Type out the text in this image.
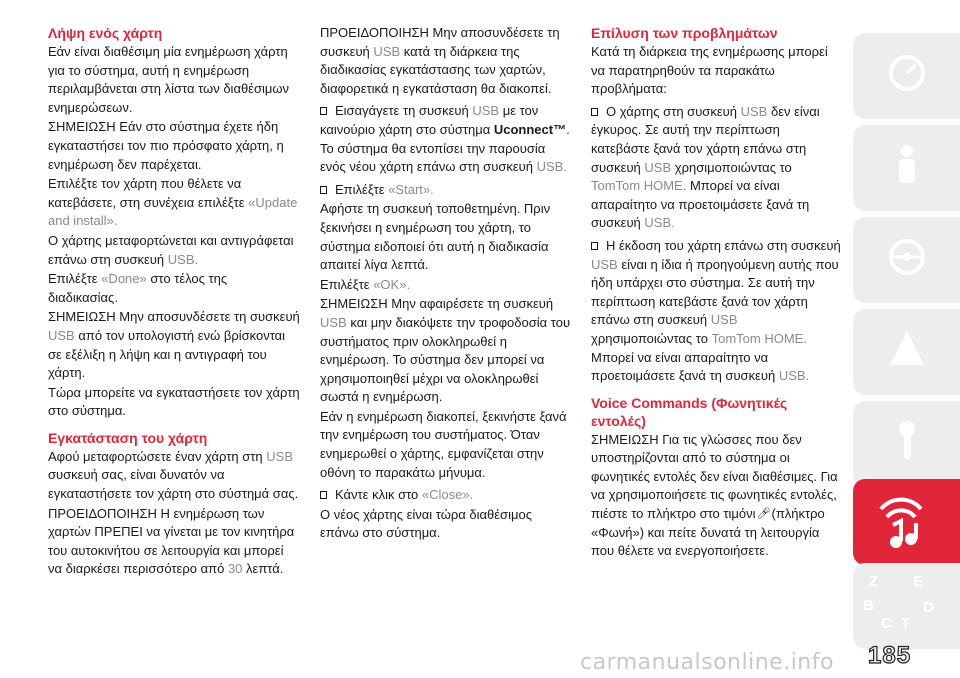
Λήψη ενός χάρτη

Εάν είναι διαθέσιμη μία ενημέρωση χάρτη για το σύστημα, αυτή η ενημέρωση περιλαμβάνεται στη λίστα των διαθέσιμων ενημερώσεων.

ΣΗΜΕΙΩΣΗ Εάν στο σύστημα έχετε ήδη εγκαταστήσει τον πιο πρόσφατο χάρτη, η ενημέρωση δεν παρέχεται.

Επιλέξτε τον χάρτη που θέλετε να κατεβάσετε, στη συνέχεια επιλέξτε «Update and install».

Ο χάρτης μεταφορτώνεται και αντιγράφεται επάνω στη συσκευή USB.

Επιλέξτε «Done» στο τέλος της διαδικασίας.

ΣΗΜΕΙΩΣΗ Μην αποσυνδέσετε τη συσκευή USB από τον υπολογιστή ενώ βρίσκονται σε εξέλιξη η λήψη και η αντιγραφή του χάρτη.

Τώρα μπορείτε να εγκαταστήσετε τον χάρτη στο σύστημα.

Εγκατάσταση του χάρτη

Αφού μεταφορτώσετε έναν χάρτη στη USB συσκευή σας, είναι δυνατόν να εγκαταστήσετε τον χάρτη στο σύστημά σας.

ΠΡΟΕΙΔΟΠΟΙΗΣΗ Η ενημέρωση των χαρτών ΠΡΕΠΕΙ να γίνεται με τον κινητήρα του αυτοκινήτου σε λειτουργία και μπορεί να διαρκέσει περισσότερο από 30 λεπτά.

ΠΡΟΕΙΔΟΠΟΙΗΣΗ Μην αποσυνδέσετε τη συσκευή USB κατά τη διάρκεια της διαδικασίας εγκατάστασης των χαρτών, διαφορετικά η εγκατάσταση θα διακοπεί.

Εισαγάγετε τη συσκευή USB με τον καινούριο χάρτη στο σύστημα Uconnect™. Το σύστημα θα εντοπίσει την παρουσία ενός νέου χάρτη επάνω στη συσκευή USB.

Επιλέξτε «Start».

Αφήστε τη συσκευή τοποθετημένη. Πριν ξεκινήσει η ενημέρωση του χάρτη, το σύστημα ειδοποιεί ότι αυτή η διαδικασία απαιτεί λίγα λεπτά.

Επιλέξτε «OK».

ΣΗΜΕΙΩΣΗ Μην αφαιρέσετε τη συσκευή USB και μην διακόψετε την τροφοδοσία του συστήματος πριν ολοκληρωθεί η ενημέρωση. Το σύστημα δεν μπορεί να χρησιμοποιηθεί μέχρι να ολοκληρωθεί σωστά η ενημέρωση.

Εάν η ενημέρωση διακοπεί, ξεκινήστε ξανά την ενημέρωση του συστήματος. Όταν ενημερωθεί ο χάρτης, εμφανίζεται στην οθόνη το παρακάτω μήνυμα.

Κάντε κλικ στο «Close».

Ο νέος χάρτης είναι τώρα διαθέσιμος επάνω στο σύστημα.

Επίλυση των προβλημάτων

Κατά τη διάρκεια της ενημέρωσης μπορεί να παρατηρηθούν τα παρακάτω προβλήματα:

Ο χάρτης στη συσκευή USB δεν είναι έγκυρος. Σε αυτή την περίπτωση κατεβάστε ξανά τον χάρτη επάνω στη συσκευή USB χρησιμοποιώντας το TomTom HOME. Μπορεί να είναι απαραίτητο να προετοιμάσετε ξανά τη συσκευή USB.

Η έκδοση του χάρτη επάνω στη συσκευή USB είναι η ίδια ή προηγούμενη αυτής που ήδη υπάρχει στο σύστημα. Σε αυτή την περίπτωση κατεβάστε ξανά τον χάρτη επάνω στη συσκευή USB χρησιμοποιώντας το TomTom HOME. Μπορεί να είναι απαραίτητο να προετοιμάσετε ξανά τη συσκευή USB.

Voice Commands (Φωνητικές εντολές)

ΣΗΜΕΙΩΣΗ Για τις γλώσσες που δεν υποστηρίζονται από το σύστημα οι φωνητικές εντολές δεν είναι διαθέσιμες. Για να χρησιμοποιήσετε τις φωνητικές εντολές, πιέστε το πλήκτρο στο τιμόνι🎤︎(πλήκτρο «Φωνή») και πείτε δυνατά τη λειτουργία που θέλετε να ενεργοποιήσετε.

Z E
B
C T
D
carmanualsonline.info 185
